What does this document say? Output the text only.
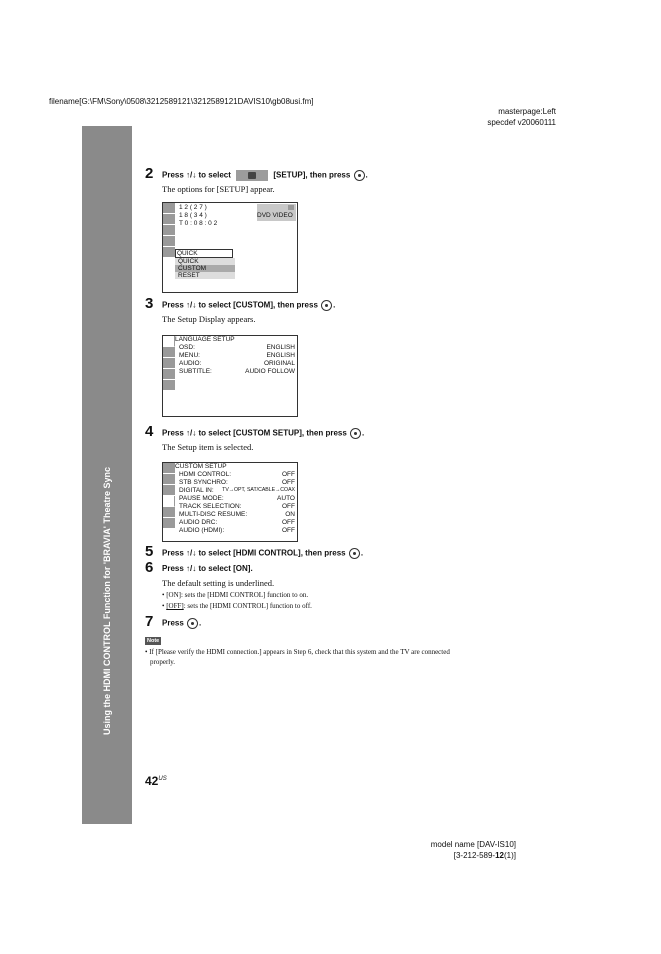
filename[G:\FM\Sony\0508\3212589121\3212589121DAVIS10\gb08usi.fm]
masterpage:Left
specdef v20060111
Using the HDMI CONTROL Function for 'BRAVIA' Theatre Sync
2 Press ↑/↓ to select	[SETUP], then press .
The options for [SETUP] appear.
1 2 ( 2 7 )
1 8 ( 3 4 )
T 0 : 0 8 : 0 2
DVD VIDEO
QUICK
QUICK
CUSTOM
RESET
3 Press ↑/↓ to select [CUSTOM], then press .
The Setup Display appears.
LANGUAGE SETUP
OSD:	ENGLISH
MENU:	ENGLISH
AUDIO:	ORIGINAL
SUBTITLE:	AUDIO FOLLOW
4 Press ↑/↓ to select [CUSTOM SETUP], then press .
The Setup item is selected.
CUSTOM SETUP
HDMI CONTROL:	OFF
STB SYNCHRO:	OFF
DIGITAL IN: TV→OPT, SAT/CABLE→COAX
PAUSE MODE:	AUTO
TRACK SELECTION:	OFF
MULTI-DISC RESUME:	ON
AUDIO DRC:	OFF
AUDIO (HDMI):	OFF
5 Press ↑/↓ to select [HDMI CONTROL], then press .
6 Press ↑/↓ to select [ON].
The default setting is underlined.
• [ON]: sets the [HDMI CONTROL] function to on.
• [OFF]: sets the [HDMI CONTROL] function to off.
7 Press .
Note
• If [Please verify the HDMI connection.] appears in Step 6, check that this system and the TV are connected
properly.
$42^{US}$
model name [DAV-IS10]
[3-212-589-12(1)]
